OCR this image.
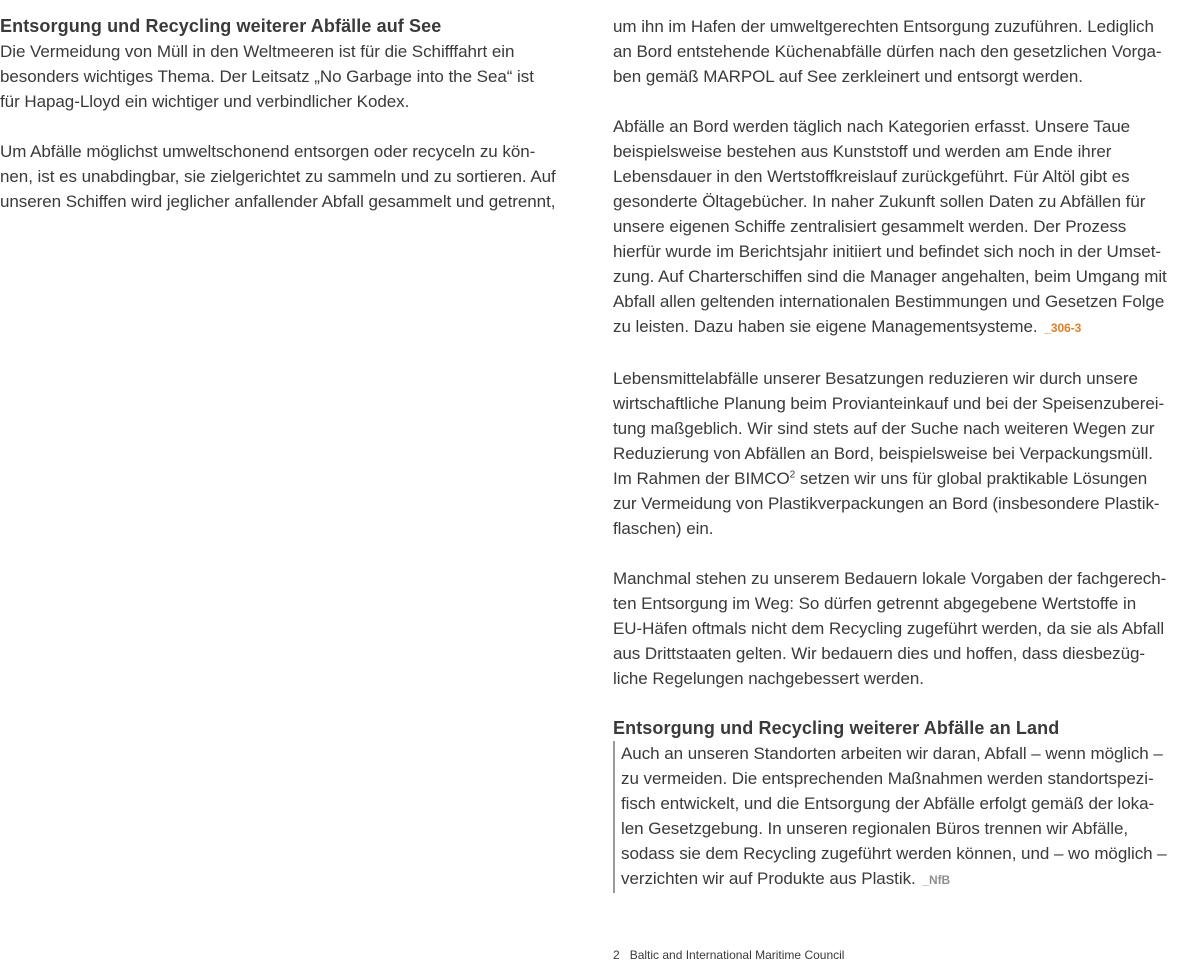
Entsorgung und Recycling weiterer Abfälle auf See

Die Vermeidung von Müll in den Weltmeeren ist für die Schifffahrt ein
besonders wichtiges Thema. Der Leitsatz „No Garbage into the Sea“ ist
für Hapag-Lloyd ein wichtiger und verbindlicher Kodex.

Um Abfälle möglichst umweltschonend entsorgen oder recyceln zu kön-
nen, ist es unabdingbar, sie zielgerichtet zu sammeln und zu sortieren. Auf
unseren Schiffen wird jeglicher anfallender Abfall gesammelt und getrennt,

um ihn im Hafen der umweltgerechten Entsorgung zuzuführen. Lediglich
an Bord entstehende Küchenabfälle dürfen nach den gesetzlichen Vorga-
ben gemäß MARPOL auf See zerkleinert und entsorgt werden.

Abfälle an Bord werden täglich nach Kategorien erfasst. Unsere Taue
beispielsweise bestehen aus Kunststoff und werden am Ende ihrer
Lebensdauer in den Wertstoffkreislauf zurückgeführt. Für Altöl gibt es
gesonderte Öltagebücher. In naher Zukunft sollen Daten zu Abfällen für
unsere eigenen Schiffe zentralisiert gesammelt werden. Der Prozess
hierfür wurde im Berichtsjahr initiiert und befindet sich noch in der Umset-
zung. Auf Charterschiffen sind die Manager angehalten, beim Umgang mit
Abfall allen geltenden internationalen Bestimmungen und Gesetzen Folge
zu leisten. Dazu haben sie eigene Managementsysteme. _306-3

Lebensmittelabfälle unserer Besatzungen reduzieren wir durch unsere
wirtschaftliche Planung beim Provianteinkauf und bei der Speisenzuberei-
tung maßgeblich. Wir sind stets auf der Suche nach weiteren Wegen zur
Reduzierung von Abfällen an Bord, beispielsweise bei Verpackungsmüll.
Im Rahmen der BIMCO$^2$ setzen wir uns für global praktikable Lösungen
zur Vermeidung von Plastikverpackungen an Bord (insbesondere Plastik-
flaschen) ein.

Manchmal stehen zu unserem Bedauern lokale Vorgaben der fachgerech-
ten Entsorgung im Weg: So dürfen getrennt abgegebene Wertstoffe in
EU-Häfen oftmals nicht dem Recycling zugeführt werden, da sie als Abfall
aus Drittstaaten gelten. Wir bedauern dies und hoffen, dass diesbezüg-
liche Regelungen nachgebessert werden.

Entsorgung und Recycling weiterer Abfälle an Land

Auch an unseren Standorten arbeiten wir daran, Abfall – wenn möglich –
zu vermeiden. Die entsprechenden Maßnahmen werden standortspezi-
fisch entwickelt, und die Entsorgung der Abfälle erfolgt gemäß der loka-
len Gesetzgebung. In unseren regionalen Büros trennen wir Abfälle,
sodass sie dem Recycling zugeführt werden können, und – wo möglich –
verzichten wir auf Produkte aus Plastik. _NfB

2 Baltic and International Maritime Council
